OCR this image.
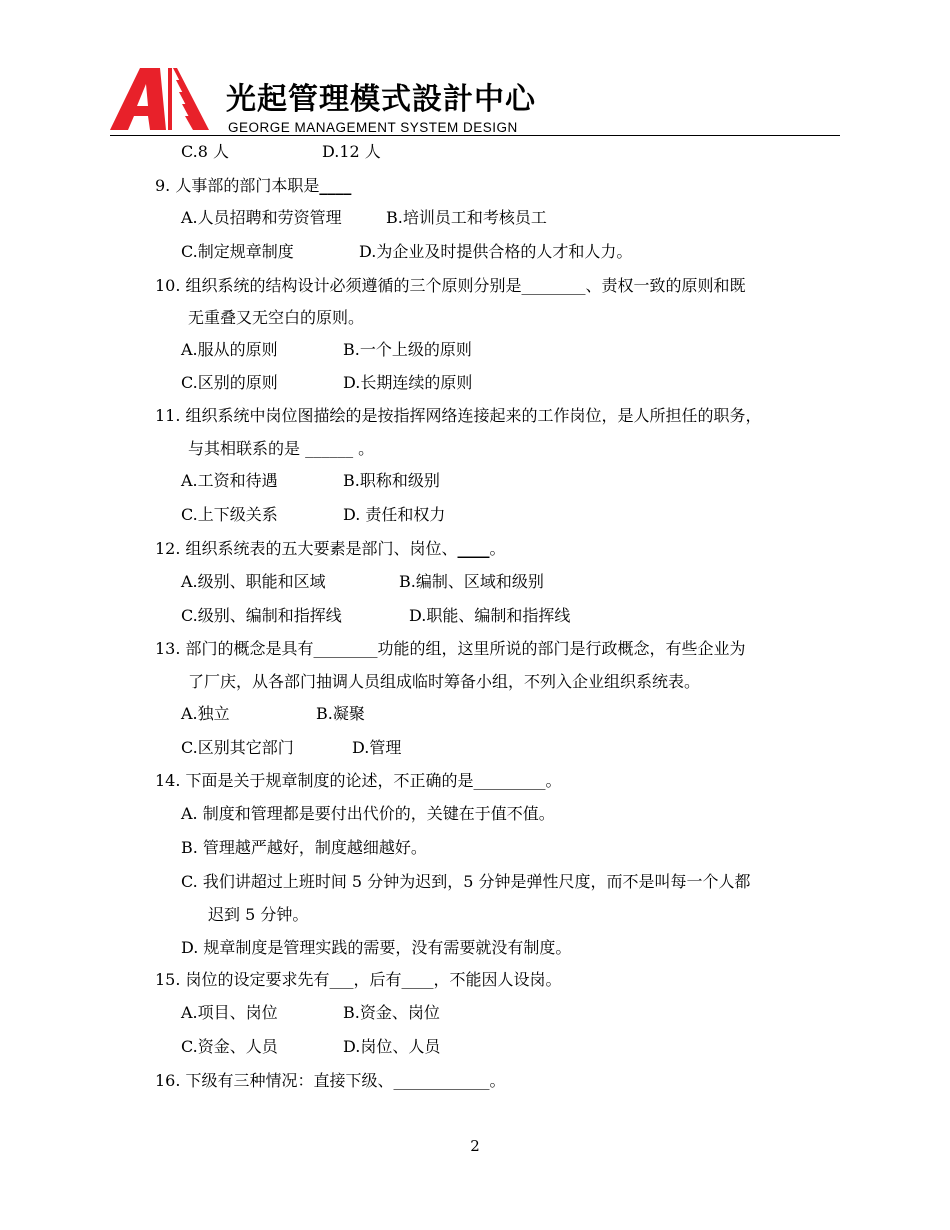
光起管理模式設計中心
GEORGE MANAGEMENT SYSTEM DESIGN
C.8 人	D.12 人
9. 人事部的部门本职是____
A.人员招聘和劳资管理	B.培训员工和考核员工
C.制定规章制度	D.为企业及时提供合格的人才和人力。
10. 组织系统的结构设计必须遵循的三个原则分别是________、责权一致的原则和既
无重叠又无空白的原则。
A.服从的原则	B.一个上级的原则
C.区别的原则	D.长期连续的原则
11. 组织系统中岗位图描绘的是按指挥网络连接起来的工作岗位，是人所担任的职务，
与其相联系的是 ______ 。
A.工资和待遇	B.职称和级别
C.上下级关系	D. 责任和权力
12. 组织系统表的五大要素是部门、岗位、____。
A.级别、职能和区域	B.编制、区域和级别
C.级别、编制和指挥线	D.职能、编制和指挥线
13. 部门的概念是具有________功能的组，这里所说的部门是行政概念，有些企业为
了厂庆，从各部门抽调人员组成临时筹备小组，不列入企业组织系统表。
A.独立	B.凝聚
C.区别其它部门	D.管理
14. 下面是关于规章制度的论述，不正确的是_________。
A. 制度和管理都是要付出代价的，关键在于值不值。
B. 管理越严越好，制度越细越好。
C. 我们讲超过上班时间 5 分钟为迟到，5 分钟是弹性尺度，而不是叫每一个人都
迟到 5 分钟。
D. 规章制度是管理实践的需要，没有需要就没有制度。
15. 岗位的设定要求先有___，后有____，不能因人设岗。
A.项目、岗位	B.资金、岗位
C.资金、人员	D.岗位、人员
16. 下级有三种情况：直接下级、____________。
2
